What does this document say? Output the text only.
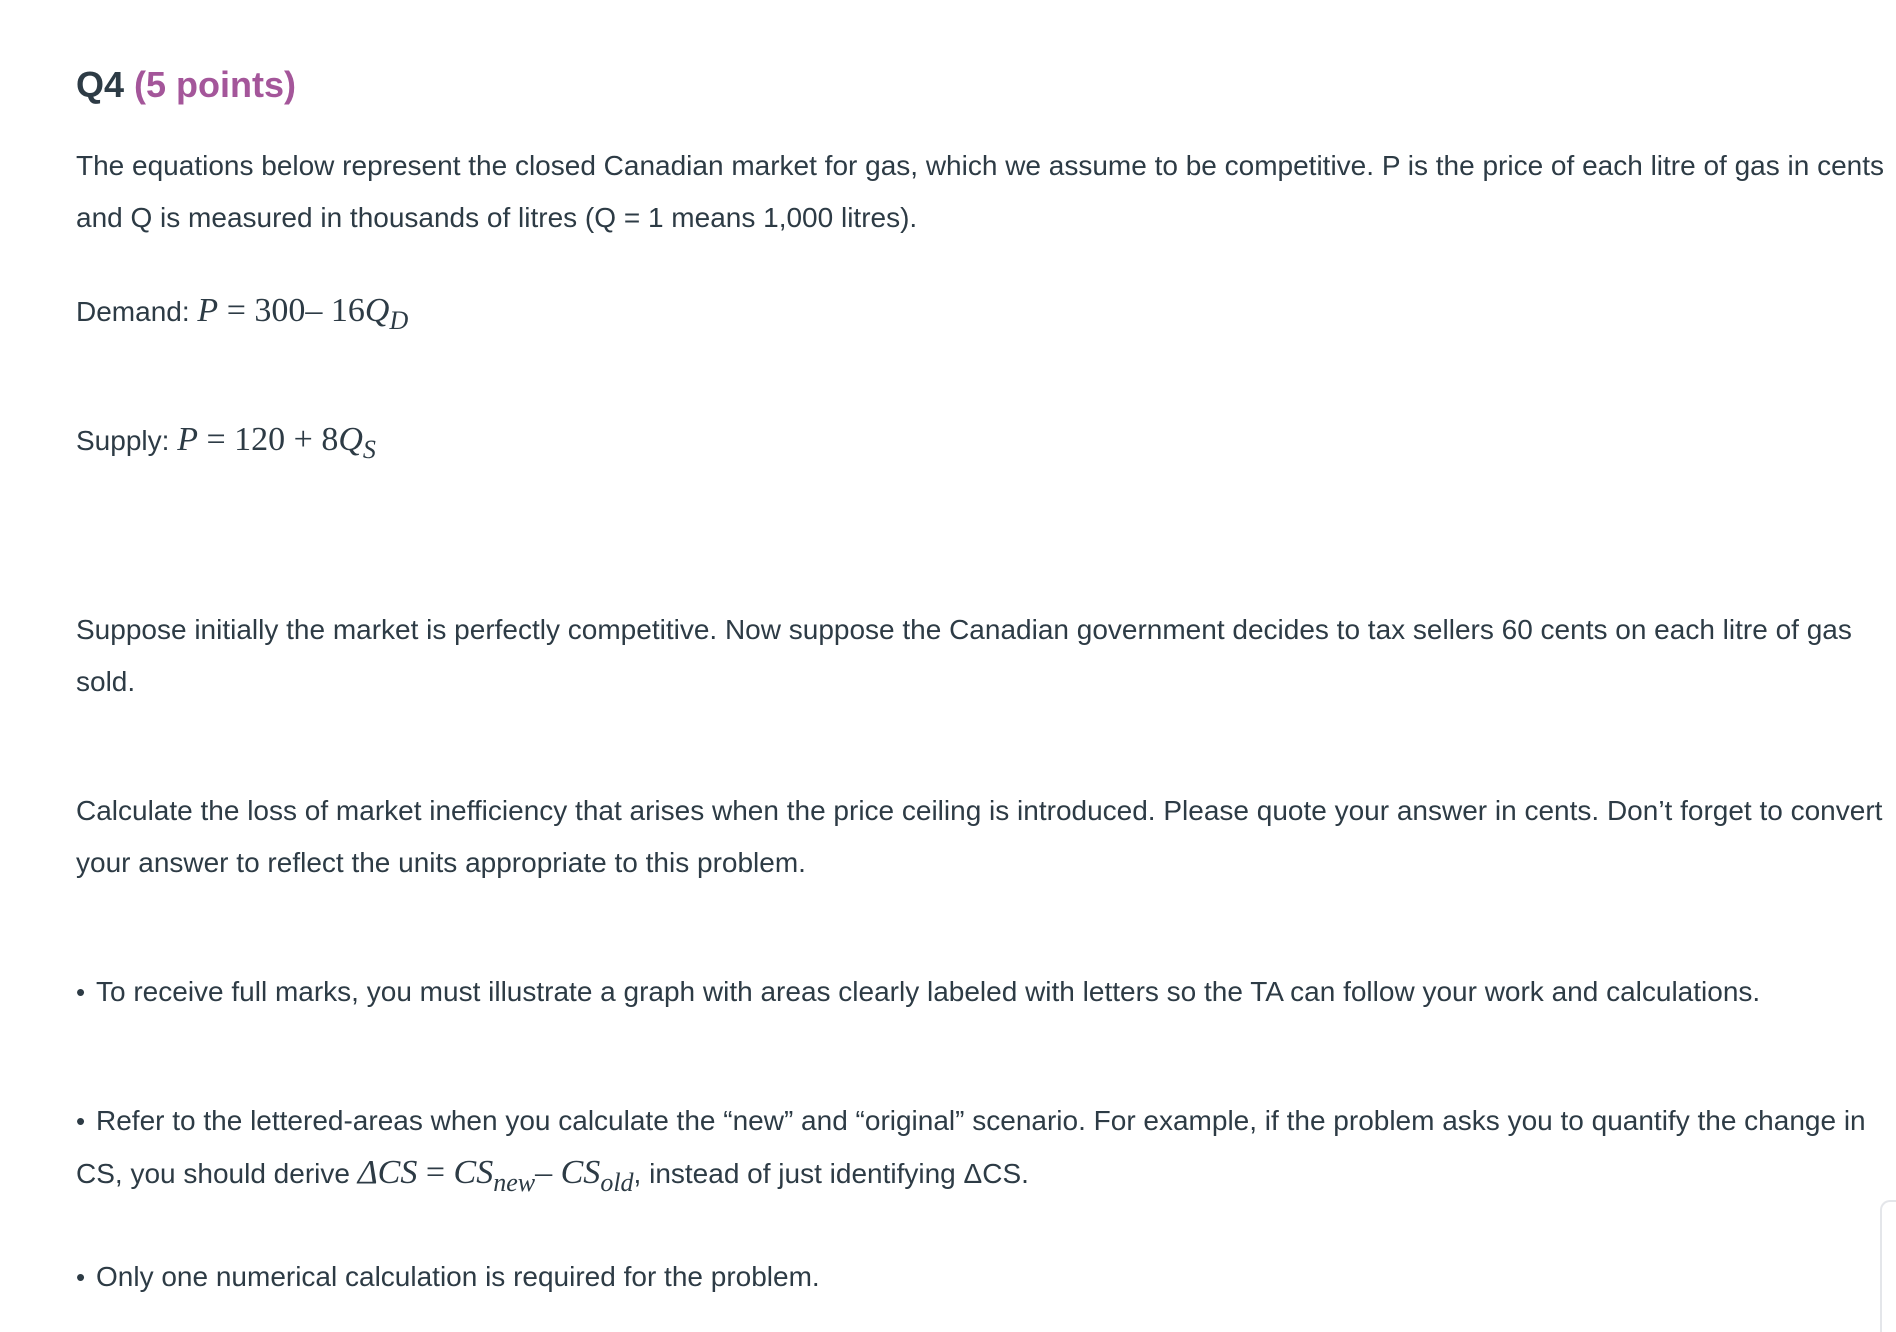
Q4 (5 points)

The equations below represent the closed Canadian market for gas, which we assume to be competitive. P is the price of each litre of gas in cents and Q is measured in thousands of litres (Q = 1 means 1,000 litres).

Demand: P = 300– $16Q_D$

Supply: $P = 120 + 8Q_S$

Suppose initially the market is perfectly competitive. Now suppose the Canadian government decides to tax sellers 60 cents on each litre of gas sold.

Calculate the loss of market inefficiency that arises when the price ceiling is introduced. Please quote your answer in cents. Don’t forget to convert your answer to reflect the units appropriate to this problem.

• To receive full marks, you must illustrate a graph with areas clearly labeled with letters so the TA can follow your work and calculations.

• Refer to the lettered-areas when you calculate the “new” and “original” scenario. For example, if the problem asks you to quantify the change in CS, you should derive $\Delta CS = CS_{new}-$ $CS_{old}$, instead of just identifying ΔCS.

• Only one numerical calculation is required for the problem.
